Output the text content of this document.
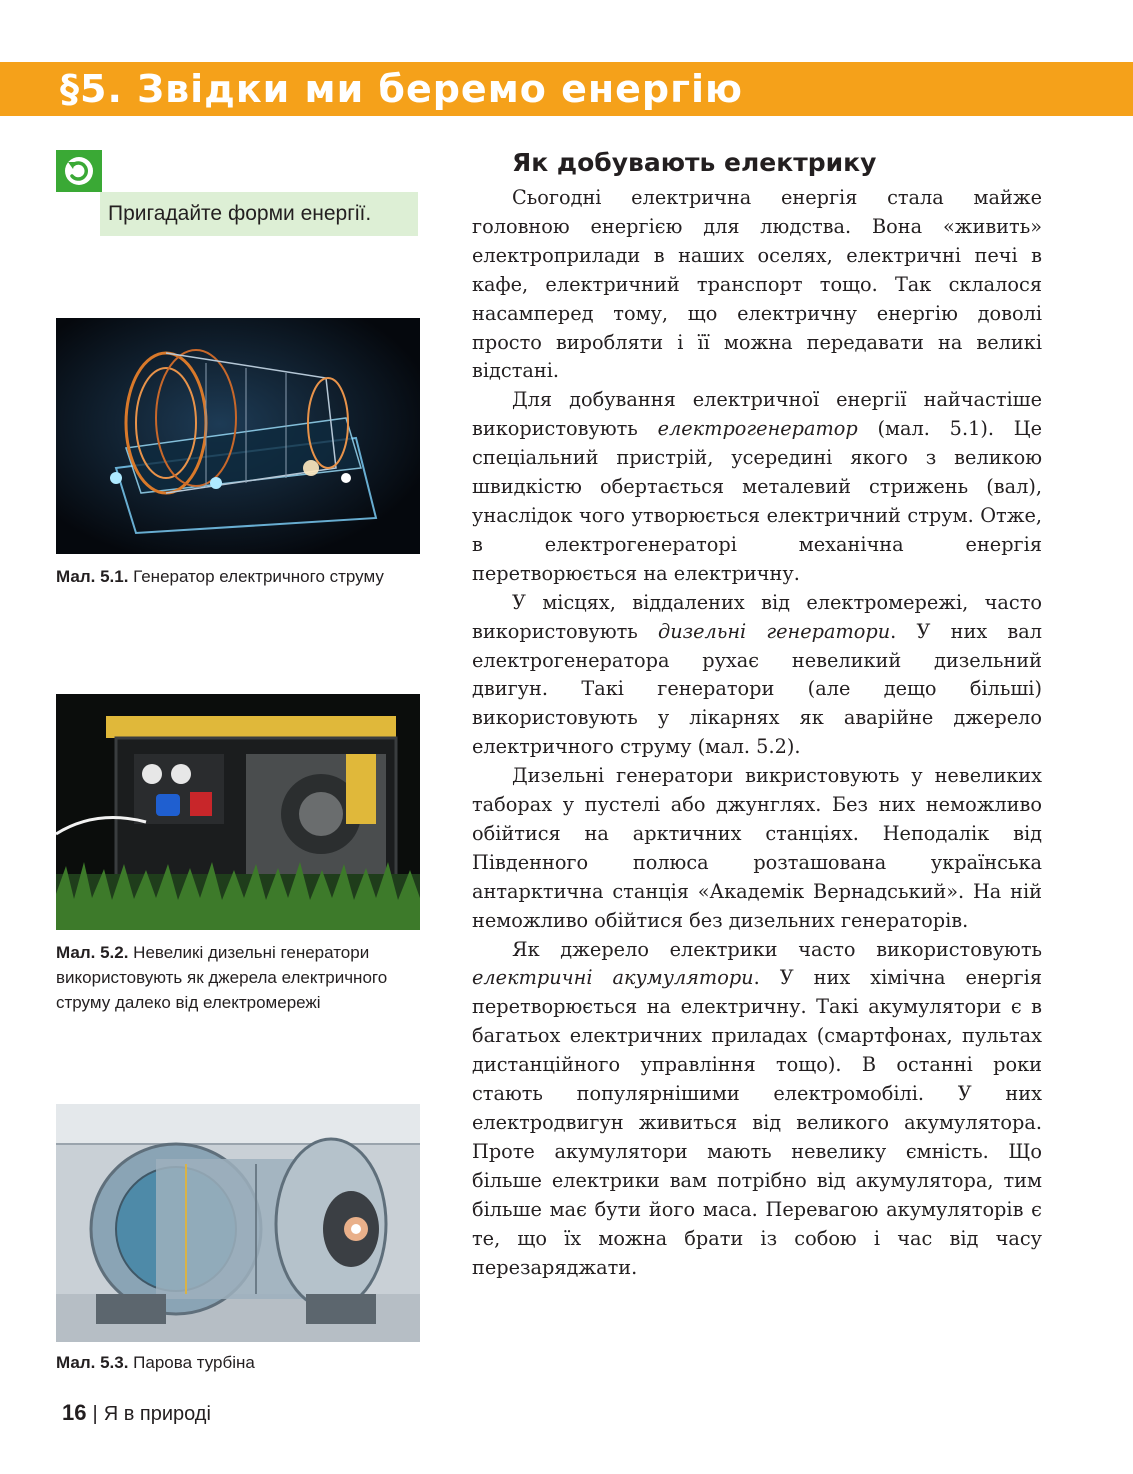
§5. Звідки ми беремо енергію
Пригадайте форми енергії.
Мал. 5.1. Генератор електричного струму
Мал. 5.2. Невеликі дизельні генератори використовують як джерела електричного струму далеко від електромережі
Мал. 5.3. Парова турбіна
Як добувають електрику

Сьогодні електрична енергія стала майже головною енергією для людства. Вона «живить» електроприлади в наших оселях, електричні печі в кафе, електричний транспорт тощо. Так склалося насамперед тому, що електричну енергію доволі просто виробляти і її можна передавати на великі відстані.

Для добування електричної енергії найчастіше використовують електрогенератор (мал. 5.1). Це спеціальний пристрій, усередині якого з великою швидкістю обертається металевий стрижень (вал), унаслідок чого утворюється електричний струм. Отже, в електрогенераторі механічна енергія перетворюється на електричну.

У місцях, віддалених від електромережі, часто використовують дизельні генератори. У них вал електрогенератора рухає невеликий дизельний двигун. Такі генератори (але дещо більші) використовують у лікарнях як аварійне джерело електричного струму (мал. 5.2).

Дизельні генератори викристовують у невеликих таборах у пустелі або джунглях. Без них неможливо обійтися на арктичних станціях. Неподалік від Південного полюса розташована українська антарктична станція «Академік Вернадський». На ній неможливо обійтися без дизельних генераторів.

Як джерело електрики часто використовують електричні акумулятори. У них хімічна енергія перетворюється на електричну. Такі акумулятори є в багатьох електричних приладах (смартфонах, пультах дистанційного управління тощо). В останні роки стають популярнішими електромобілі. У них електродвигун живиться від великого акумулятора. Проте акумулятори мають невелику ємність. Що більше електрики вам потрібно від акумулятора, тим більше має бути його маса. Перевагою акумуляторів є те, що їх можна брати із собою і час від часу перезаряджати.

16 | Я в природі
